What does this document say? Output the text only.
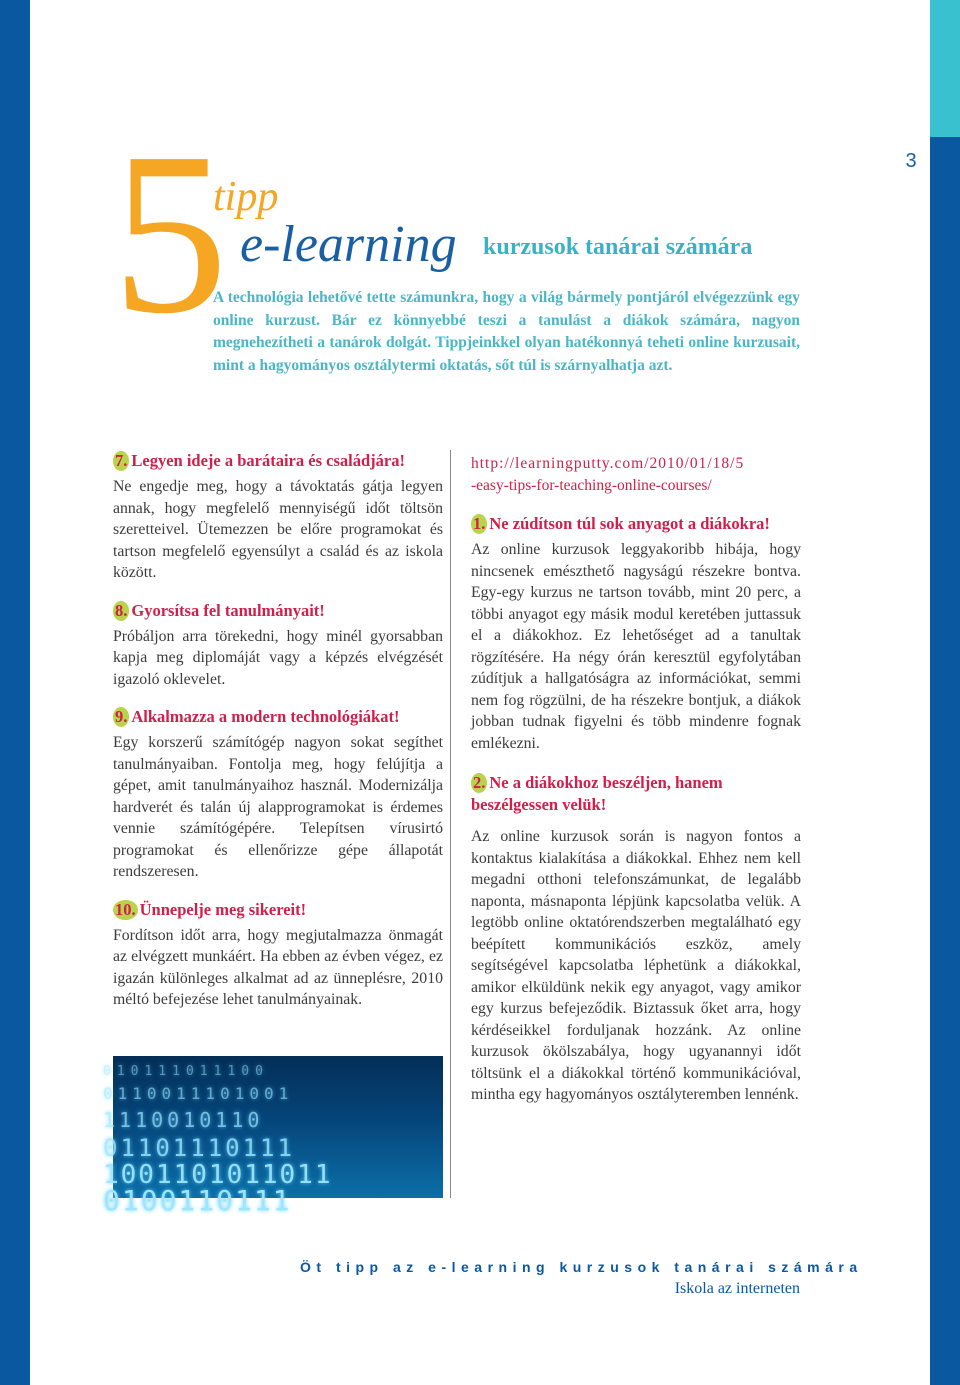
3
5
tipp
e-learning kurzusok tanárai számára
A technológia lehetővé tette számunkra, hogy a világ bármely pontjáról elvégezzünk egy online kurzust. Bár ez könnyebbé teszi a tanulást a diákok számára, nagyon megnehezítheti a tanárok dolgát. Tippjeinkkel olyan hatékonnyá teheti online kurzusait, mint a hagyományos osztálytermi oktatás, sőt túl is szárnyalhatja azt.

7. Legyen ideje a barátaira és családjára!

Ne engedje meg, hogy a távoktatás gátja legyen annak, hogy megfelelő mennyiségű időt töltsön szeretteivel. Ütemezzen be előre programokat és tartson megfelelő egyensúlyt a család és az iskola között.

8. Gyorsítsa fel tanulmányait!

Próbáljon arra törekedni, hogy minél gyorsabban kapja meg diplomáját vagy a képzés elvégzését igazoló oklevelet.

9. Alkalmazza a modern technológiákat!

Egy korszerű számítógép nagyon sokat segíthet tanulmányaiban. Fontolja meg, hogy felújítja a gépet, amit tanulmányaihoz használ. Modernizálja hardverét és talán új alapprogramokat is érdemes vennie számítógépére. Telepítsen vírusirtó programokat és ellenőrizze gépe állapotát rendszeresen.

10. Ünnepelje meg sikereit!

Fordítson időt arra, hogy megjutalmazza önmagát az elvégzett munkáért. Ha ebben az évben végez, ez igazán különleges alkalmat ad az ünneplésre, 2010 méltó befejezése lehet tanulmányainak.

010111011100
0110011101001
1110010110
01101110111
1001101011011
0100110111

http://learningputty.com/2010/01/18/5

-easy-tips-for-teaching-online-courses/

1. Ne zúdítson túl sok anyagot a diákokra!

Az online kurzusok leggyakoribb hibája, hogy nincsenek emészthető nagyságú részekre bontva. Egy-egy kurzus ne tartson tovább, mint 20 perc, a többi anyagot egy másik modul keretében juttassuk el a diákokhoz. Ez lehetőséget ad a tanultak rögzítésére. Ha négy órán keresztül egyfolytában zúdítjuk a hallgatóságra az információkat, semmi nem fog rögzülni, de ha részekre bontjuk, a diákok jobban tudnak figyelni és több mindenre fognak emlékezni.

2. Ne a diákokhoz beszéljen, hanem beszélgessen velük!

Az online kurzusok során is nagyon fontos a kontaktus kialakítása a diákokkal. Ehhez nem kell megadni otthoni telefonszámunkat, de legalább naponta, másnaponta lépjünk kapcsolatba velük. A legtöbb online oktatórendszerben megtalálható egy beépített kommunikációs eszköz, amely segítségével kapcsolatba léphetünk a diákokkal, amikor elküldünk nekik egy anyagot, vagy amikor egy kurzus befejeződik. Biztassuk őket arra, hogy kérdéseikkel forduljanak hozzánk. Az online kurzusok ökölszabálya, hogy ugyanannyi időt töltsünk el a diákokkal történő kommunikációval, mintha egy hagyományos osztályteremben lennénk.

Öt tipp az e-learning kurzusok tanárai számára
Iskola az interneten
